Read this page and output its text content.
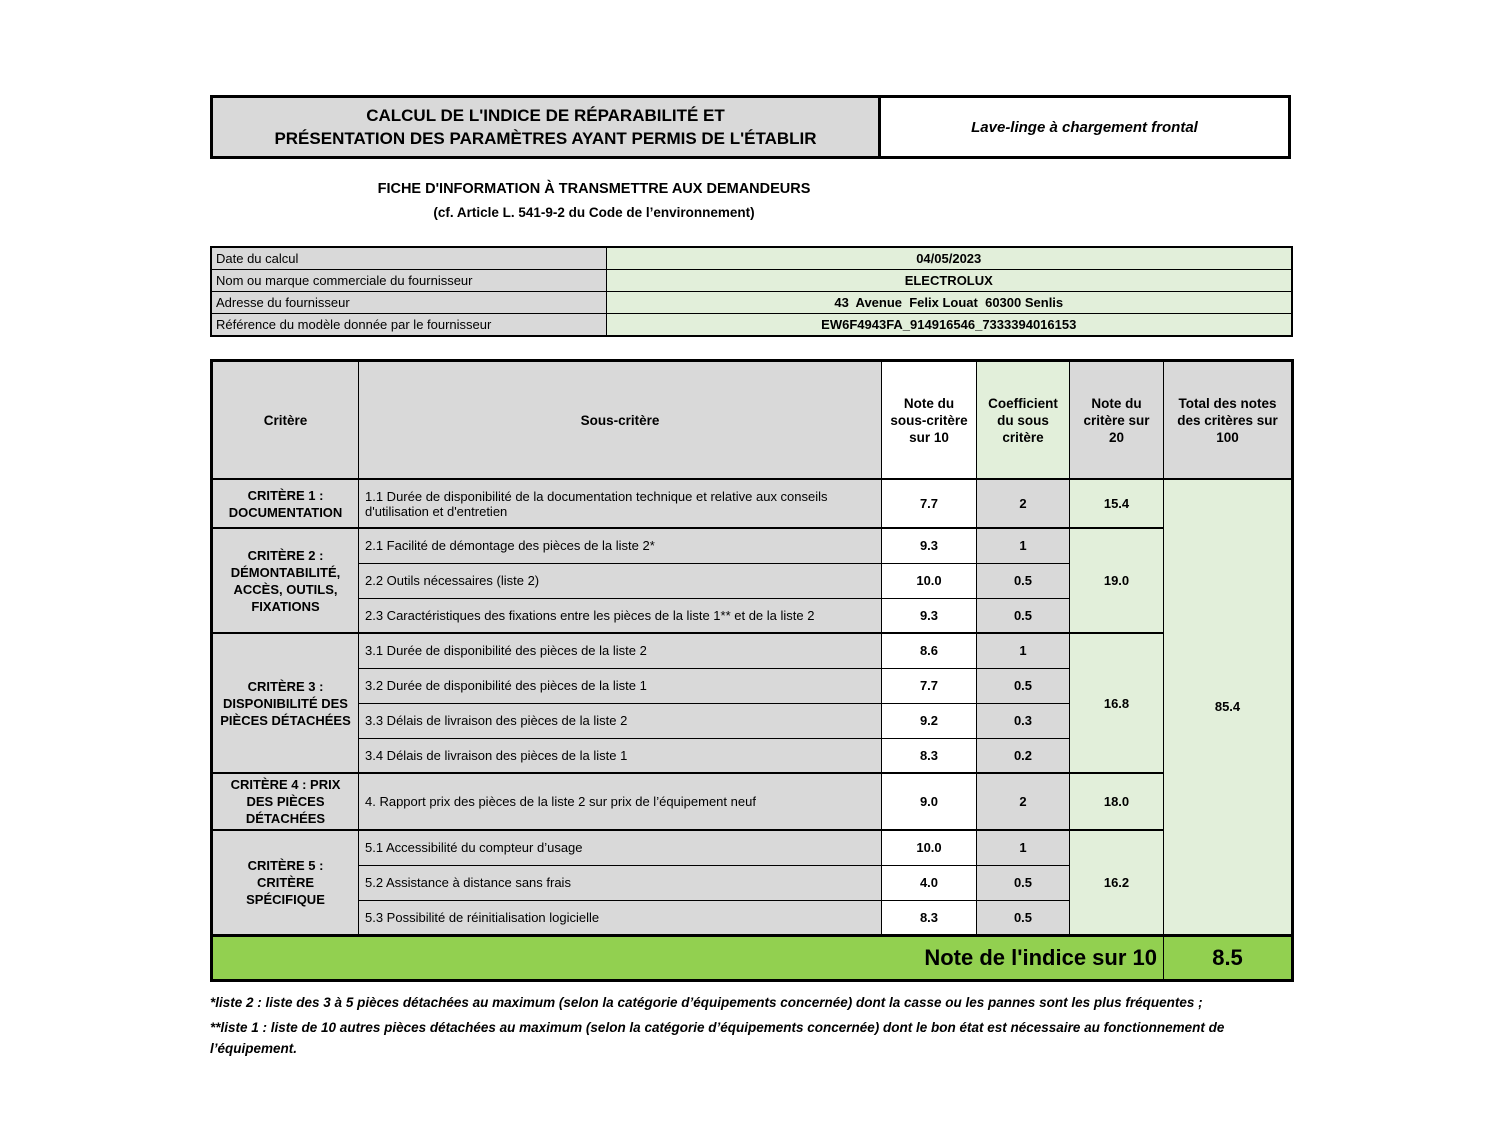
CALCUL DE L'INDICE DE RÉPARABILITÉ ET
PRÉSENTATION DES PARAMÈTRES AYANT PERMIS DE L'ÉTABLIR
Lave-linge à chargement frontal
FICHE D'INFORMATION À TRANSMETTRE AUX DEMANDEURS
(cf. Article L. 541-9-2 du Code de l’environnement)
Date du calcul	04/05/2023
Nom ou marque commerciale du fournisseur	ELECTROLUX
Adresse du fournisseur	43  Avenue  Felix Louat  60300 Senlis
Référence du modèle donnée par le fournisseur	EW6F4943FA_914916546_7333394016153
Critère	Sous-critère	Note du sous-critère sur 10	Coefficient du sous critère	Note du critère sur 20	Total des notes des critères sur 100
CRITÈRE 1 : DOCUMENTATION	1.1 Durée de disponibilité de la documentation technique et relative aux conseils d'utilisation et d'entretien	7.7	2	15.4	85.4
CRITÈRE 2 : DÉMONTABILITÉ, ACCÈS, OUTILS, FIXATIONS	2.1 Facilité de démontage des pièces de la liste 2*	9.3	1	19.0	
	2.2 Outils nécessaires (liste 2)	10.0	0.5		
	2.3 Caractéristiques des fixations entre les pièces de la liste 1** et de la liste 2	9.3	0.5		
CRITÈRE 3 : DISPONIBILITÉ DES PIÈCES DÉTACHÉES	3.1 Durée de disponibilité des pièces de la liste 2	8.6	1	16.8	
	3.2 Durée de disponibilité des pièces de la liste 1	7.7	0.5		
	3.3 Délais de livraison des pièces de la liste 2	9.2	0.3		
	3.4 Délais de livraison des pièces de la liste 1	8.3	0.2		
CRITÈRE 4 : PRIX DES PIÈCES DÉTACHÉES	4. Rapport prix des pièces de la liste 2 sur prix de l’équipement neuf	9.0	2	18.0	
CRITÈRE 5 : CRITÈRE SPÉCIFIQUE	5.1 Accessibilité du compteur d’usage	10.0	1	16.2	
	5.2 Assistance à distance sans frais	4.0	0.5		
	5.3 Possibilité de réinitialisation logicielle	8.3	0.5		
Note de l'indice sur 10					8.5

*liste 2 : liste des 3 à 5 pièces détachées au maximum (selon la catégorie d’équipements concernée) dont la casse ou les pannes sont les plus fréquentes ;

**liste 1 : liste de 10 autres pièces détachées au maximum (selon la catégorie d’équipements concernée) dont le bon état est nécessaire au fonctionnement de l’équipement.
